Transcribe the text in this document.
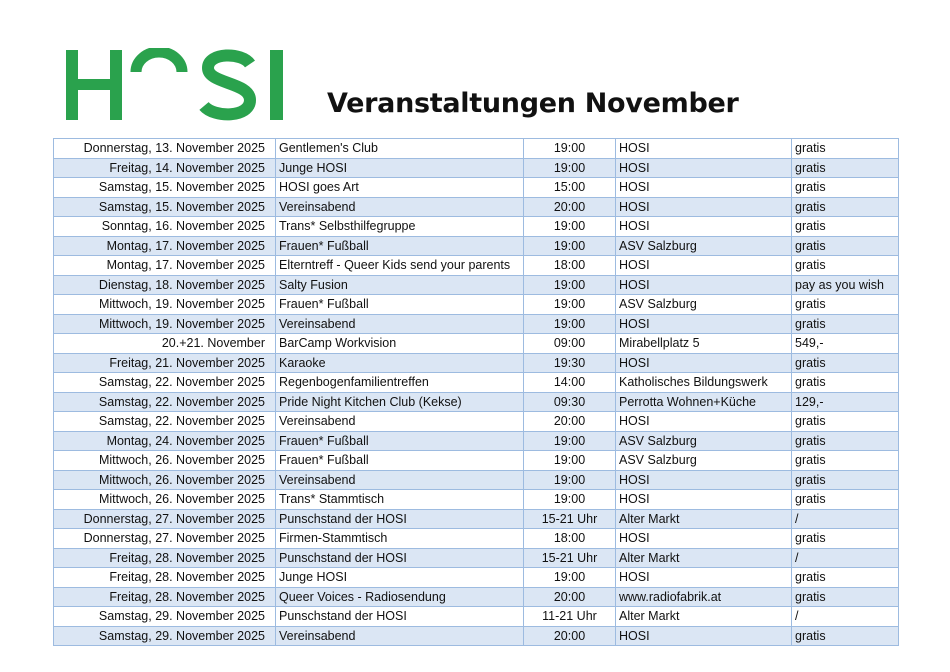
Veranstaltungen November
Donnerstag, 13. November 2025	Gentlemen's Club	19:00	HOSI	gratis
Freitag, 14. November 2025	Junge HOSI	19:00	HOSI	gratis
Samstag, 15. November 2025	HOSI goes Art	15:00	HOSI	gratis
Samstag, 15. November 2025	Vereinsabend	20:00	HOSI	gratis
Sonntag, 16. November 2025	Trans* Selbsthilfegruppe	19:00	HOSI	gratis
Montag, 17. November 2025	Frauen* Fußball	19:00	ASV Salzburg	gratis
Montag, 17. November 2025	Elterntreff - Queer Kids send your parents	18:00	HOSI	gratis
Dienstag, 18. November 2025	Salty Fusion	19:00	HOSI	pay as you wish
Mittwoch, 19. November 2025	Frauen* Fußball	19:00	ASV Salzburg	gratis
Mittwoch, 19. November 2025	Vereinsabend	19:00	HOSI	gratis
20.+21. November	BarCamp Workvision	09:00	Mirabellplatz 5	549,-
Freitag, 21. November 2025	Karaoke	19:30	HOSI	gratis
Samstag, 22. November 2025	Regenbogenfamilientreffen	14:00	Katholisches Bildungswerk	gratis
Samstag, 22. November 2025	Pride Night Kitchen Club (Kekse)	09:30	Perrotta Wohnen+Küche	129,-
Samstag, 22. November 2025	Vereinsabend	20:00	HOSI	gratis
Montag, 24. November 2025	Frauen* Fußball	19:00	ASV Salzburg	gratis
Mittwoch, 26. November 2025	Frauen* Fußball	19:00	ASV Salzburg	gratis
Mittwoch, 26. November 2025	Vereinsabend	19:00	HOSI	gratis
Mittwoch, 26. November 2025	Trans* Stammtisch	19:00	HOSI	gratis
Donnerstag, 27. November 2025	Punschstand der HOSI	15-21 Uhr	Alter Markt	/
Donnerstag, 27. November 2025	Firmen-Stammtisch	18:00	HOSI	gratis
Freitag, 28. November 2025	Punschstand der HOSI	15-21 Uhr	Alter Markt	/
Freitag, 28. November 2025	Junge HOSI	19:00	HOSI	gratis
Freitag, 28. November 2025	Queer Voices - Radiosendung	20:00	www.radiofabrik.at	gratis
Samstag, 29. November 2025	Punschstand der HOSI	11-21 Uhr	Alter Markt	/
Samstag, 29. November 2025	Vereinsabend	20:00	HOSI	gratis
